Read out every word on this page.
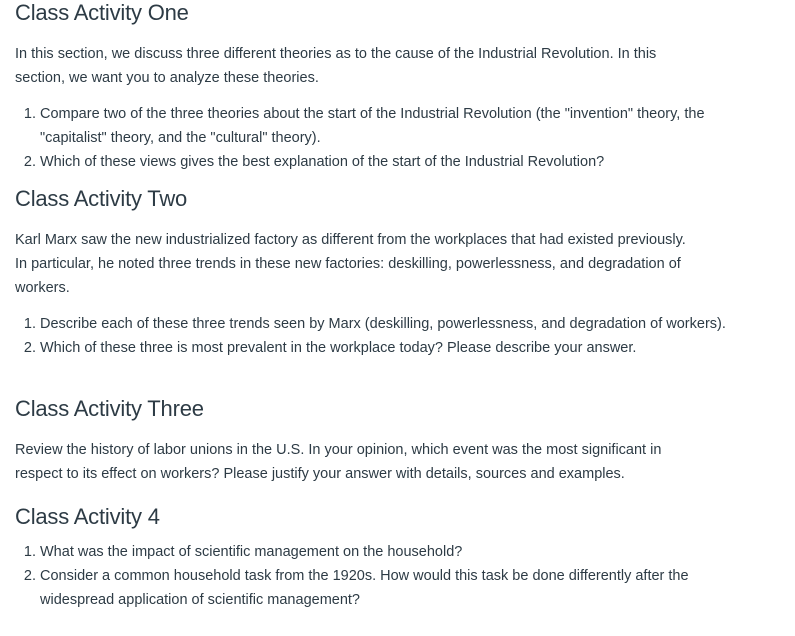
Class Activity One

In this section, we discuss three different theories as to the cause of the Industrial Revolution. In this section, we want you to analyze these theories.

1. Compare two of the three theories about the start of the Industrial Revolution (the "invention" theory, the "capitalist" theory, and the "cultural" theory).
2. Which of these views gives the best explanation of the start of the Industrial Revolution?
Class Activity Two

Karl Marx saw the new industrialized factory as different from the workplaces that had existed previously. In particular, he noted three trends in these new factories: deskilling, powerlessness, and degradation of workers.

1. Describe each of these three trends seen by Marx (deskilling, powerlessness, and degradation of workers).
2. Which of these three is most prevalent in the workplace today? Please describe your answer.
Class Activity Three

Review the history of labor unions in the U.S. In your opinion, which event was the most significant in respect to its effect on workers? Please justify your answer with details, sources and examples.

Class Activity 4
1. What was the impact of scientific management on the household?
2. Consider a common household task from the 1920s. How would this task be done differently after the widespread application of scientific management?
